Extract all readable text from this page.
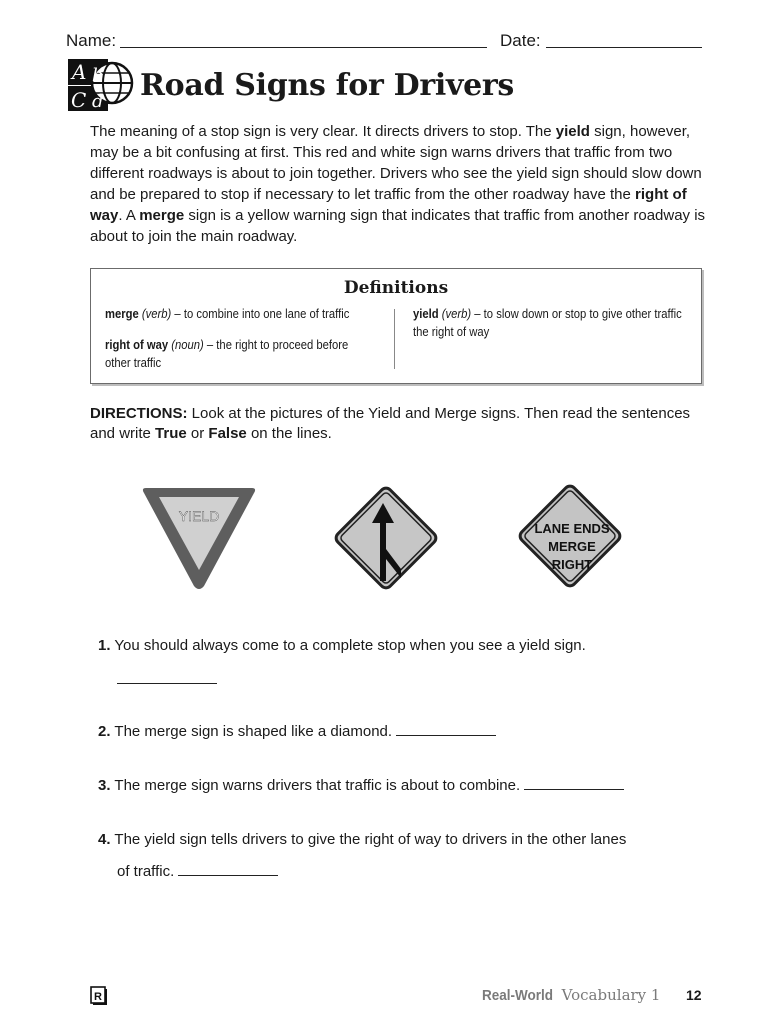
Name:	Date:
A b
C d Road Signs for Drivers
The meaning of a stop sign is very clear. It directs drivers to stop. The yield sign, however, may be a bit confusing at first. This red and white sign warns drivers that traffic from two different roadways is about to join together. Drivers who see the yield sign should slow down and be prepared to stop if necessary to let traffic from the other roadway have the right of way. A merge sign is a yellow warning sign that indicates that traffic from another roadway is about to join the main roadway.
Definitions
merge (verb) – to combine into one lane of traffic
right of way (noun) – the right to proceed before other traffic
yield (verb) – to slow down or stop to give other traffic the right of way
DIRECTIONS: Look at the pictures of the Yield and Merge signs. Then read the sentences and write True or False on the lines.
YIELD
LANE ENDS
MERGE
RIGHT
1. You should always come to a complete stop when you see a yield sign.
2. The merge sign is shaped like a diamond.
3. The merge sign warns drivers that traffic is about to combine.
4. The yield sign tells drivers to give the right of way to drivers in the other lanes
of traffic.
R	Real-World Vocabulary 1 12
